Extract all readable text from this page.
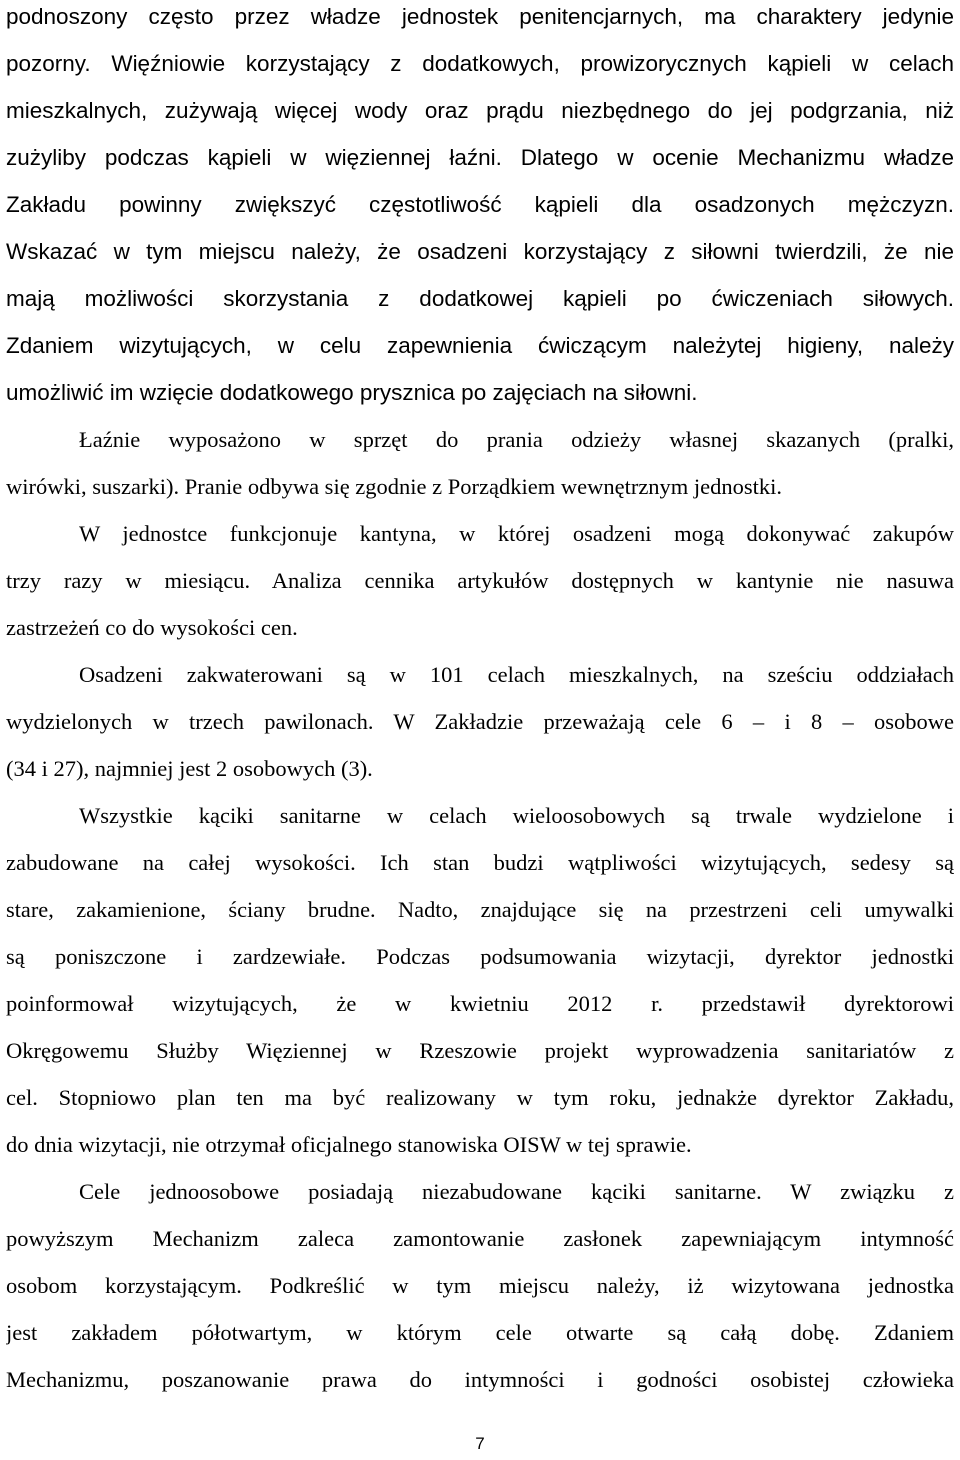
podnoszony często przez władze jednostek penitencjarnych, ma charaktery jedynie
pozorny. Więźniowie korzystający z dodatkowych, prowizorycznych kąpieli w celach
mieszkalnych, zużywają więcej wody oraz prądu niezbędnego do jej podgrzania, niż
zużyliby podczas kąpieli w więziennej łaźni. Dlatego w ocenie Mechanizmu władze
Zakładu powinny zwiększyć częstotliwość kąpieli dla osadzonych mężczyzn.
Wskazać w tym miejscu należy, że osadzeni korzystający z siłowni twierdzili, że nie
mają możliwości skorzystania z dodatkowej kąpieli po ćwiczeniach siłowych.
Zdaniem wizytujących, w celu zapewnienia ćwiczącym należytej higieny, należy
umożliwić im wzięcie dodatkowego prysznica po zajęciach na siłowni.
Łaźnie wyposażono w sprzęt do prania odzieży własnej skazanych (pralki,
wirówki, suszarki). Pranie odbywa się zgodnie z Porządkiem wewnętrznym jednostki.
W jednostce funkcjonuje kantyna, w której osadzeni mogą dokonywać zakupów
trzy razy w miesiącu. Analiza cennika artykułów dostępnych w kantynie nie nasuwa
zastrzeżeń co do wysokości cen.
Osadzeni zakwaterowani są w 101 celach mieszkalnych, na sześciu oddziałach
wydzielonych w trzech pawilonach. W Zakładzie przeważają cele 6 – i 8 – osobowe
(34 i 27), najmniej jest 2 osobowych (3).
Wszystkie kąciki sanitarne w celach wieloosobowych są trwale wydzielone i
zabudowane na całej wysokości. Ich stan budzi wątpliwości wizytujących, sedesy są
stare, zakamienione, ściany brudne. Nadto, znajdujące się na przestrzeni celi umywalki
są poniszczone i zardzewiałe. Podczas podsumowania wizytacji, dyrektor jednostki
poinformował wizytujących, że w kwietniu 2012 r. przedstawił dyrektorowi
Okręgowemu Służby Więziennej w Rzeszowie projekt wyprowadzenia sanitariatów z
cel. Stopniowo plan ten ma być realizowany w tym roku, jednakże dyrektor Zakładu,
do dnia wizytacji, nie otrzymał oficjalnego stanowiska OISW w tej sprawie.
Cele jednoosobowe posiadają niezabudowane kąciki sanitarne. W związku z
powyższym Mechanizm zaleca zamontowanie zasłonek zapewniającym intymność
osobom korzystającym. Podkreślić w tym miejscu należy, iż wizytowana jednostka
jest zakładem półotwartym, w którym cele otwarte są całą dobę. Zdaniem
Mechanizmu, poszanowanie prawa do intymności i godności osobistej człowieka
7
